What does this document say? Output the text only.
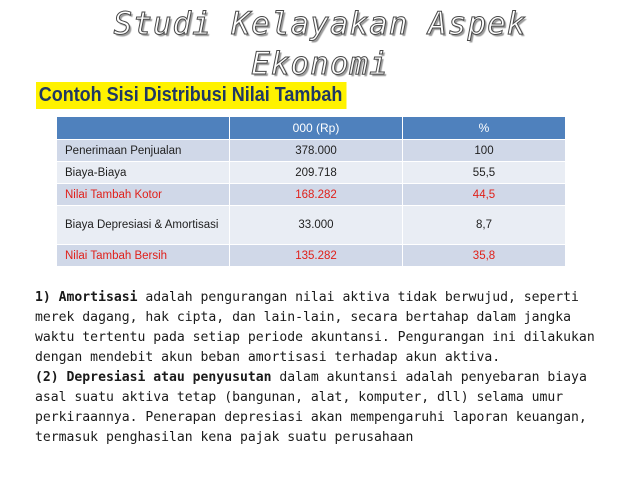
Studi Kelayakan Aspek Ekonomi
Contoh Sisi Distribusi Nilai Tambah
	000 (Rp)	%
Penerimaan Penjualan	378.000	100
Biaya-Biaya	209.718	55,5
Nilai Tambah Kotor	168.282	44,5
Biaya Depresiasi & Amortisasi	33.000	8,7
Nilai Tambah Bersih	135.282	35,8

1) Amortisasi adalah pengurangan nilai aktiva tidak berwujud, seperti merek dagang, hak cipta, dan lain-lain, secara bertahap dalam jangka waktu tertentu pada setiap periode akuntansi. Pengurangan ini dilakukan dengan mendebit akun beban amortisasi terhadap akun aktiva.
(2) Depresiasi atau penyusutan dalam akuntansi adalah penyebaran biaya asal suatu aktiva tetap (bangunan, alat, komputer, dll) selama umur perkiraannya. Penerapan depresiasi akan mempengaruhi laporan keuangan, termasuk penghasilan kena pajak suatu perusahaan
